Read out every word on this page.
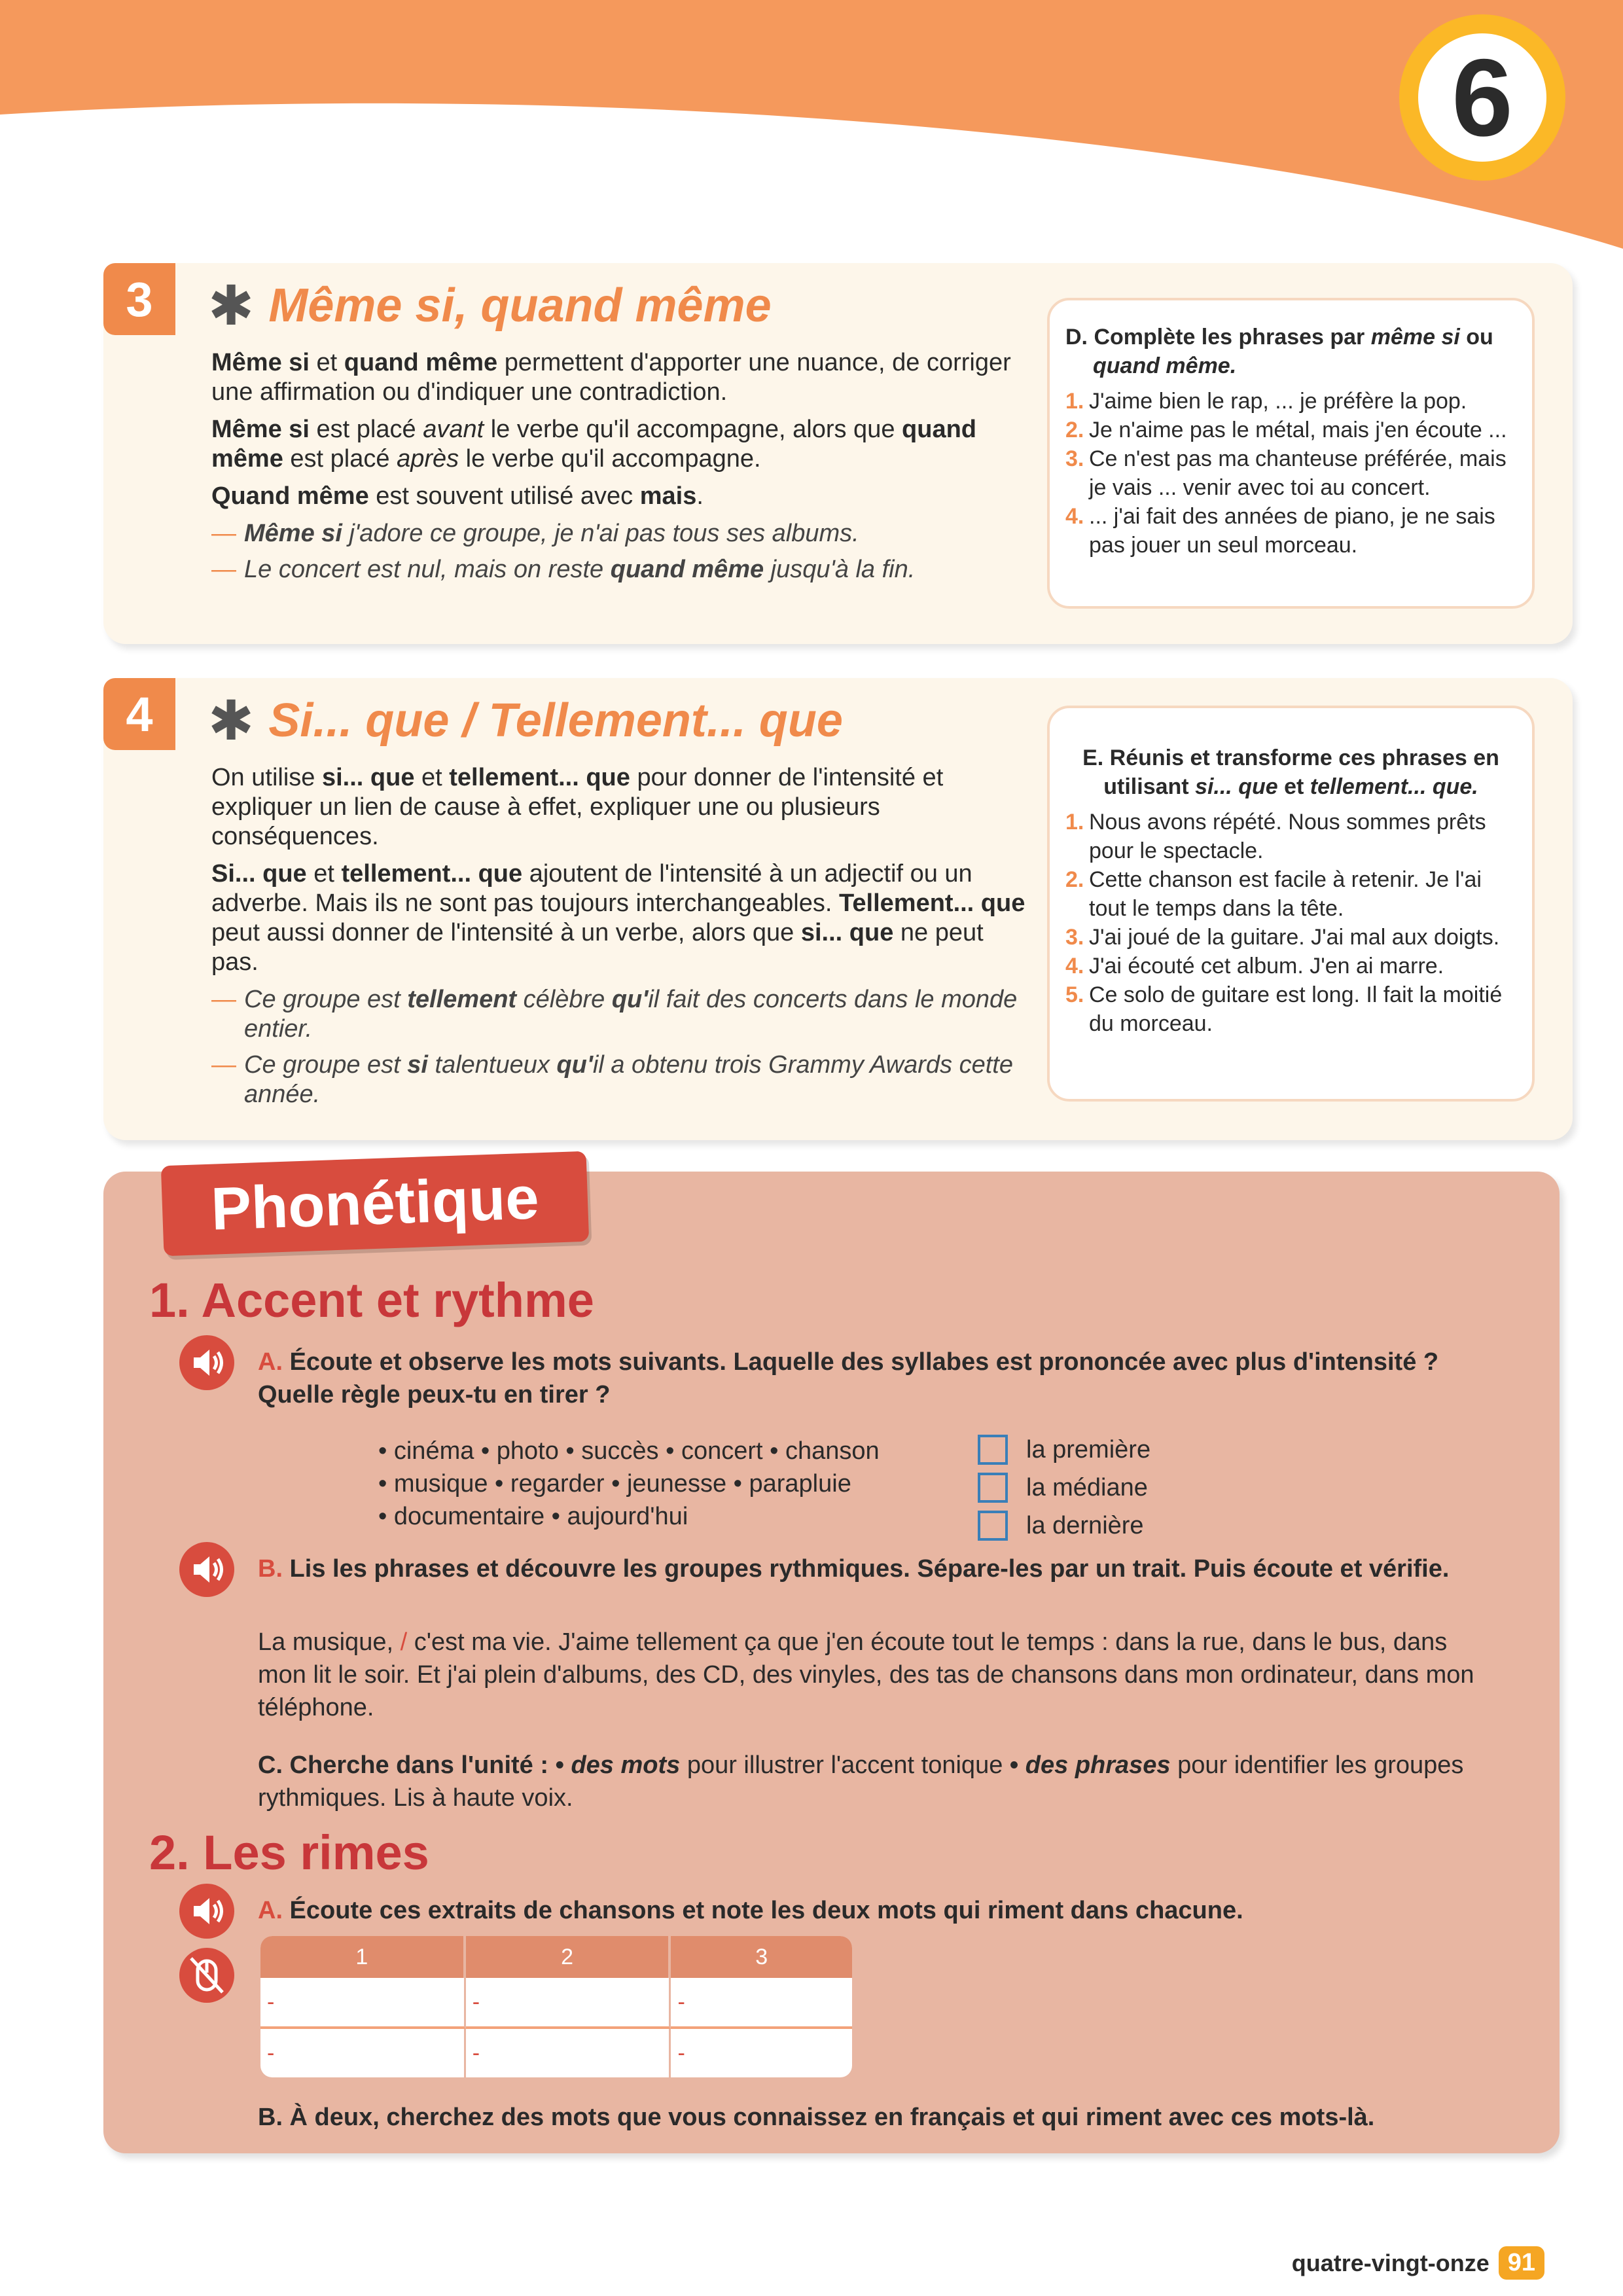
6
3	✱ Même si, quand même

Même si et quand même permettent d'apporter une nuance, de corriger une affirmation ou d'indiquer une contradiction.

Même si est placé avant le verbe qu'il accompagne, alors que quand même est placé après le verbe qu'il accompagne.

Quand même est souvent utilisé avec mais.

— Même si j'adore ce groupe, je n'ai pas tous ses albums.
— Le concert est nul, mais on reste quand même jusqu'à la fin.
D. Complète les phrases par même si ou
quand même.
1. J'aime bien le rap, ... je préfère la pop.
2. Je n'aime pas le métal, mais j'en écoute ...
3. Ce n'est pas ma chanteuse préférée, mais je vais ... venir avec toi au concert.
4. ... j'ai fait des années de piano, je ne sais pas jouer un seul morceau.
4	✱ Si... que / Tellement... que

On utilise si... que et tellement... que pour donner de l'intensité et expliquer un lien de cause à effet, expliquer une ou plusieurs conséquences.

Si... que et tellement... que ajoutent de l'intensité à un adjectif ou un adverbe. Mais ils ne sont pas toujours interchangeables. Tellement... que peut aussi donner de l'intensité à un verbe, alors que si... que ne peut pas.

— Ce groupe est tellement célèbre qu'il fait des concerts dans le monde entier.
— Ce groupe est si talentueux qu'il a obtenu trois Grammy Awards cette année.
E. Réunis et transforme ces phrases en
utilisant si... que et tellement... que.
1. Nous avons répété. Nous sommes prêts pour le spectacle.
2. Cette chanson est facile à retenir. Je l'ai tout le temps dans la tête.
3. J'ai joué de la guitare. J'ai mal aux doigts.
4. J'ai écouté cet album. J'en ai marre.
5. Ce solo de guitare est long. Il fait la moitié du morceau.
Phonétique
1. Accent et rythme
A. Écoute et observe les mots suivants. Laquelle des syllabes est prononcée avec plus d'intensité ? Quelle règle peux-tu en tirer ?
• cinéma • photo • succès • concert • chanson
• musique • regarder • jeunesse • parapluie
• documentaire • aujourd'hui
la première
la médiane
la dernière
B. Lis les phrases et découvre les groupes rythmiques. Sépare-les par un trait. Puis écoute et vérifie.
La musique, / c'est ma vie. J'aime tellement ça que j'en écoute tout le temps : dans la rue, dans le bus, dans mon lit le soir. Et j'ai plein d'albums, des CD, des vinyles, des tas de chansons dans mon ordinateur, dans mon téléphone.
C. Cherche dans l'unité : • des mots pour illustrer l'accent tonique • des phrases pour identifier les groupes rythmiques. Lis à haute voix.
2. Les rimes
A. Écoute ces extraits de chansons et note les deux mots qui riment dans chacune.
1	2	3
-	-	-
-	-	-
B. À deux, cherchez des mots que vous connaissez en français et qui riment avec ces mots-là.
quatre-vingt-onze 91
